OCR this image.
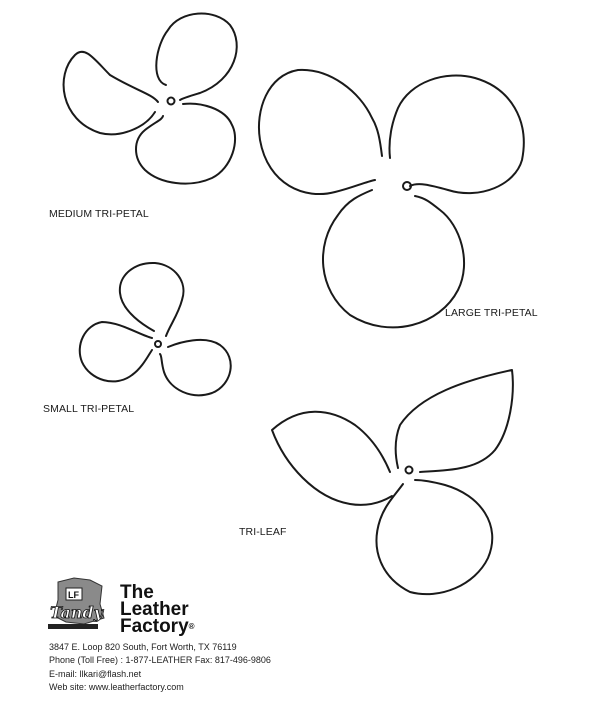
MEDIUM TRI-PETAL
LARGE TRI-PETAL
SMALL TRI-PETAL
TRI-LEAF
LF
Tandy
The
Leather
Factory®
3847 E. Loop 820 South, Fort Worth, TX 76119
Phone (Toll Free) : 1-877-LEATHER Fax: 817-496-9806
E-mail: llkari@flash.net
Web site: www.leatherfactory.com
